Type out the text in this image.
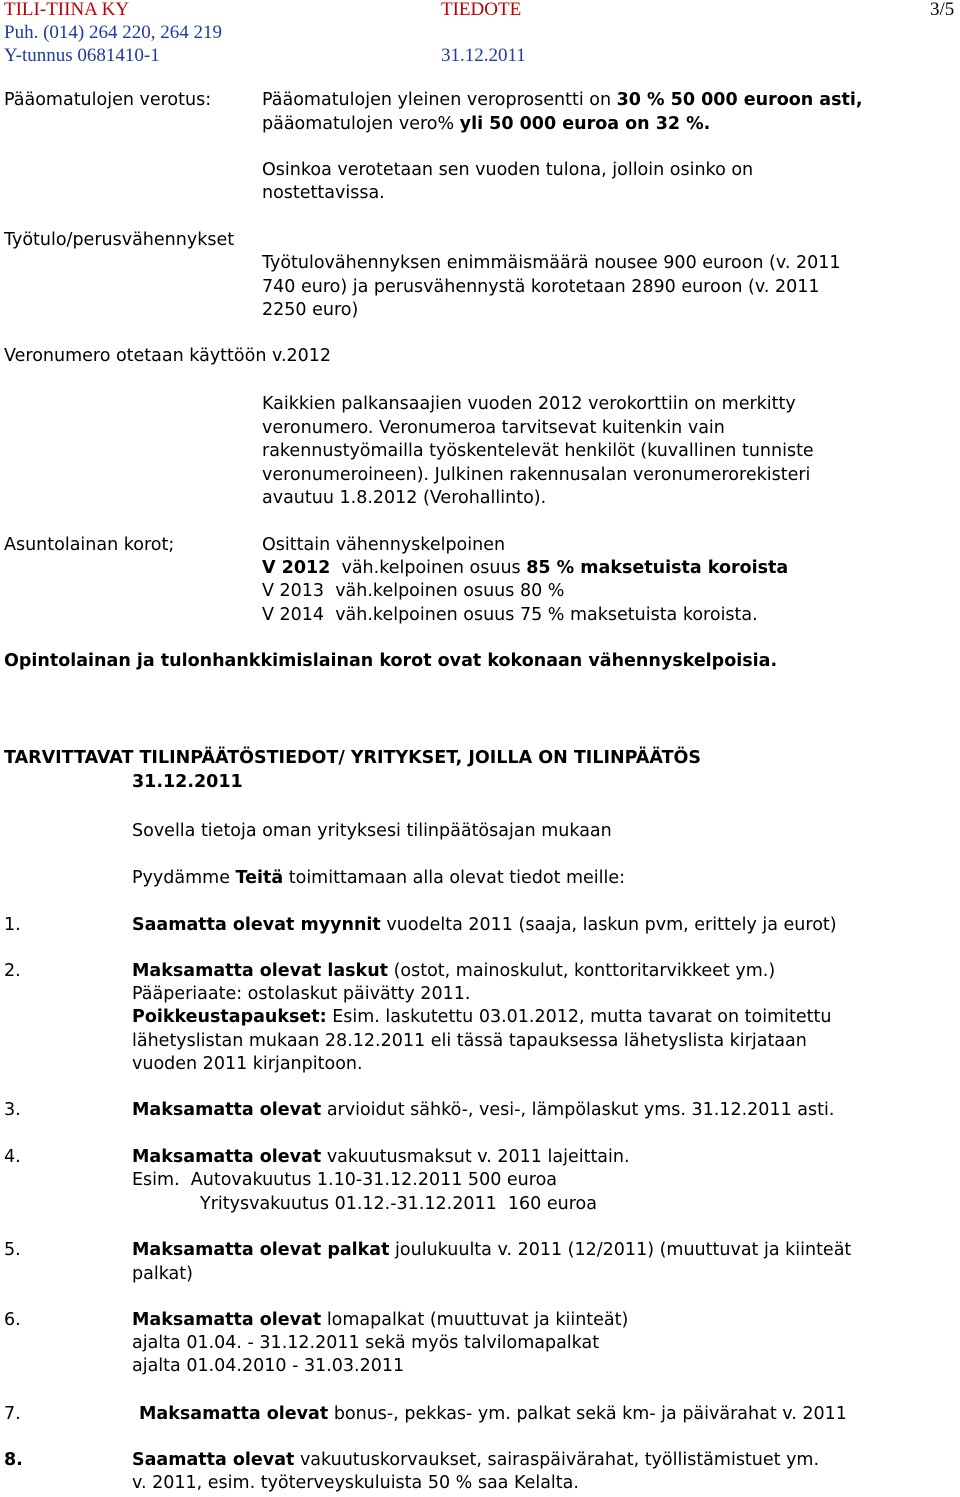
TILI-TIINA KY
Puh. (014) 264 220, 264 219
Y-tunnus 0681410-1
TIEDOTE
31.12.2011
3/5
Pääomatulojen verotus:	Pääomatulojen yleinen veroprosentti on 30 % 50 000 euroon asti,
pääomatulojen vero% yli 50 000 euroa on 32 %.
Osinkoa verotetaan sen vuoden tulona, jolloin osinko on
nostettavissa.
Työtulo/perusvähennykset
Työtulovähennyksen enimmäismäärä nousee 900 euroon (v. 2011
740 euro) ja perusvähennystä korotetaan 2890 euroon (v. 2011
2250 euro)
Veronumero otetaan käyttöön v.2012
Kaikkien palkansaajien vuoden 2012 verokorttiin on merkitty
veronumero. Veronumeroa tarvitsevat kuitenkin vain
rakennustyömailla työskentelevät henkilöt (kuvallinen tunniste
veronumeroineen). Julkinen rakennusalan veronumerorekisteri
avautuu 1.8.2012 (Verohallinto).
Asuntolainan korot;	Osittain vähennyskelpoinen
V 2012  väh.kelpoinen osuus 85 % maksetuista koroista
V 2013  väh.kelpoinen osuus 80 %
V 2014  väh.kelpoinen osuus 75 % maksetuista koroista.
Opintolainan ja tulonhankkimislainan korot ovat kokonaan vähennyskelpoisia.
TARVITTAVAT TILINPÄÄTÖSTIEDOT/ YRITYKSET, JOILLA ON TILINPÄÄTÖS
31.12.2011
Sovella tietoja oman yrityksesi tilinpäätösajan mukaan
Pyydämme Teitä toimittamaan alla olevat tiedot meille:
1.	Saamatta olevat myynnit vuodelta 2011 (saaja, laskun pvm, erittely ja eurot)
2.	Maksamatta olevat laskut (ostot, mainoskulut, konttoritarvikkeet ym.)
Pääperiaate: ostolaskut päivätty 2011.
Poikkeustapaukset: Esim. laskutettu 03.01.2012, mutta tavarat on toimitettu
lähetyslistan mukaan 28.12.2011 eli tässä tapauksessa lähetyslista kirjataan
vuoden 2011 kirjanpitoon.
3.	Maksamatta olevat arvioidut sähkö-, vesi-, lämpölaskut yms. 31.12.2011 asti.
4.	Maksamatta olevat vakuutusmaksut v. 2011 lajeittain.
Esim.  Autovakuutus 1.10-31.12.2011 500 euroa
Yritysvakuutus 01.12.-31.12.2011  160 euroa
5.	Maksamatta olevat palkat joulukuulta v. 2011 (12/2011) (muuttuvat ja kiinteät
palkat)
6.	Maksamatta olevat lomapalkat (muuttuvat ja kiinteät)
ajalta 01.04. - 31.12.2011 sekä myös talvilomapalkat
ajalta 01.04.2010 - 31.03.2011
7.	Maksamatta olevat bonus-, pekkas- ym. palkat sekä km- ja päivärahat v. 2011
8.	Saamatta olevat vakuutuskorvaukset, sairaspäivärahat, työllistämistuet ym.
v. 2011, esim. työterveyskuluista 50 % saa Kelalta.
